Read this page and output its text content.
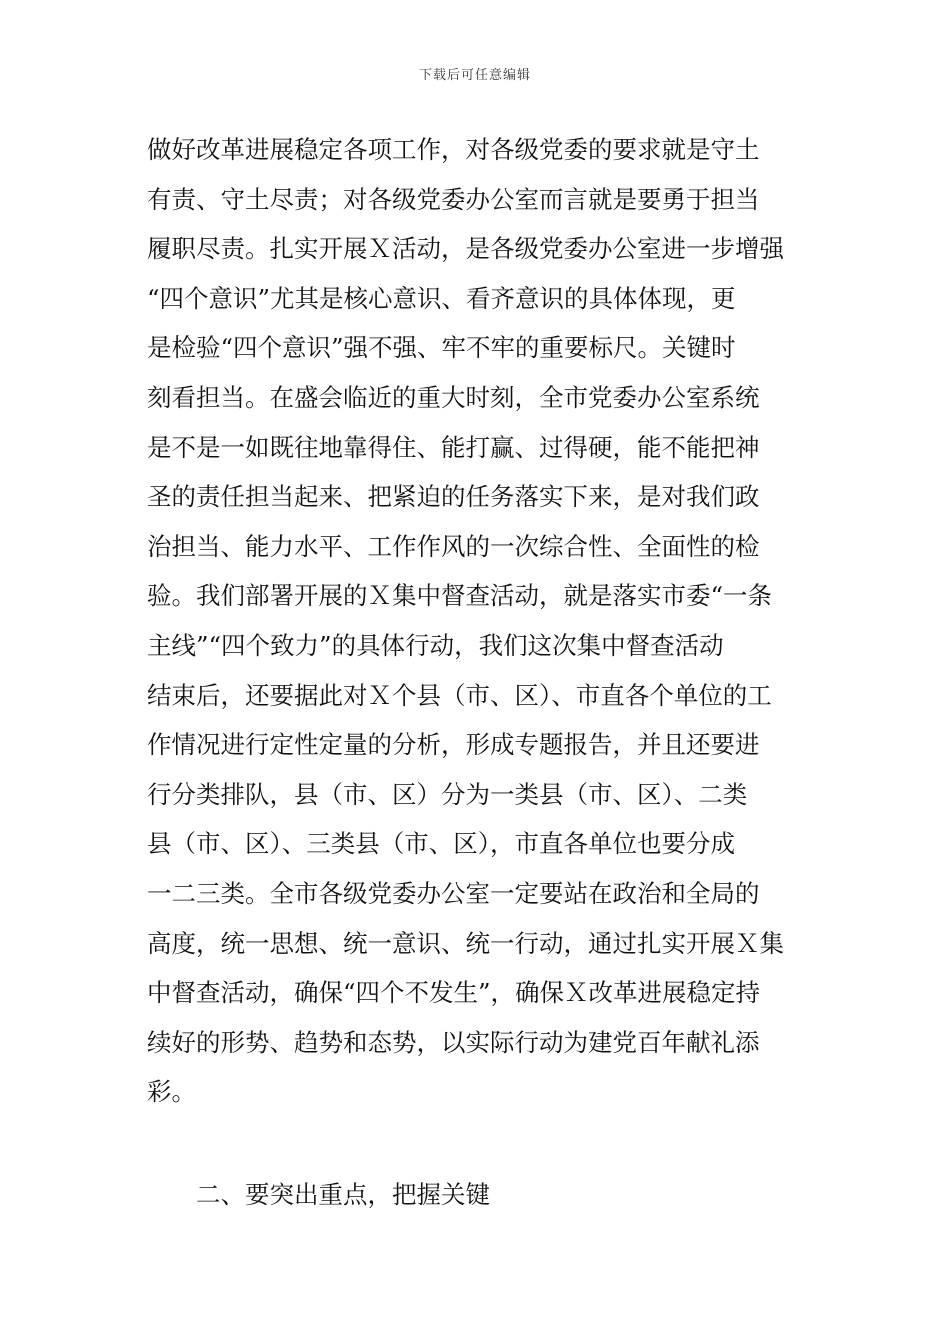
下载后可任意编辑
做好改革进展稳定各项工作，对各级党委的要求就是守土
有责、守土尽责；对各级党委办公室而言就是要勇于担当
履职尽责。扎实开展Ｘ活动，是各级党委办公室进一步增强
“四个意识”尤其是核心意识、看齐意识的具体体现，更
是检验“四个意识”强不强、牢不牢的重要标尺。关键时
刻看担当。在盛会临近的重大时刻，全市党委办公室系统
是不是一如既往地靠得住、能打赢、过得硬，能不能把神
圣的责任担当起来、把紧迫的任务落实下来，是对我们政
治担当、能力水平、工作作风的一次综合性、全面性的检
验。我们部署开展的Ｘ集中督查活动，就是落实市委“一条
主线”“四个致力”的具体行动，我们这次集中督查活动
结束后，还要据此对Ｘ个县（市、区）、市直各个单位的工
作情况进行定性定量的分析，形成专题报告，并且还要进
行分类排队，县（市、区）分为一类县（市、区）、二类
县（市、区）、三类县（市、区），市直各单位也要分成
一二三类。全市各级党委办公室一定要站在政治和全局的
高度，统一思想、统一意识、统一行动，通过扎实开展Ｘ集
中督查活动，确保“四个不发生”，确保Ｘ改革进展稳定持
续好的形势、趋势和态势，以实际行动为建党百年献礼添
彩。
二、要突出重点，把握关键
